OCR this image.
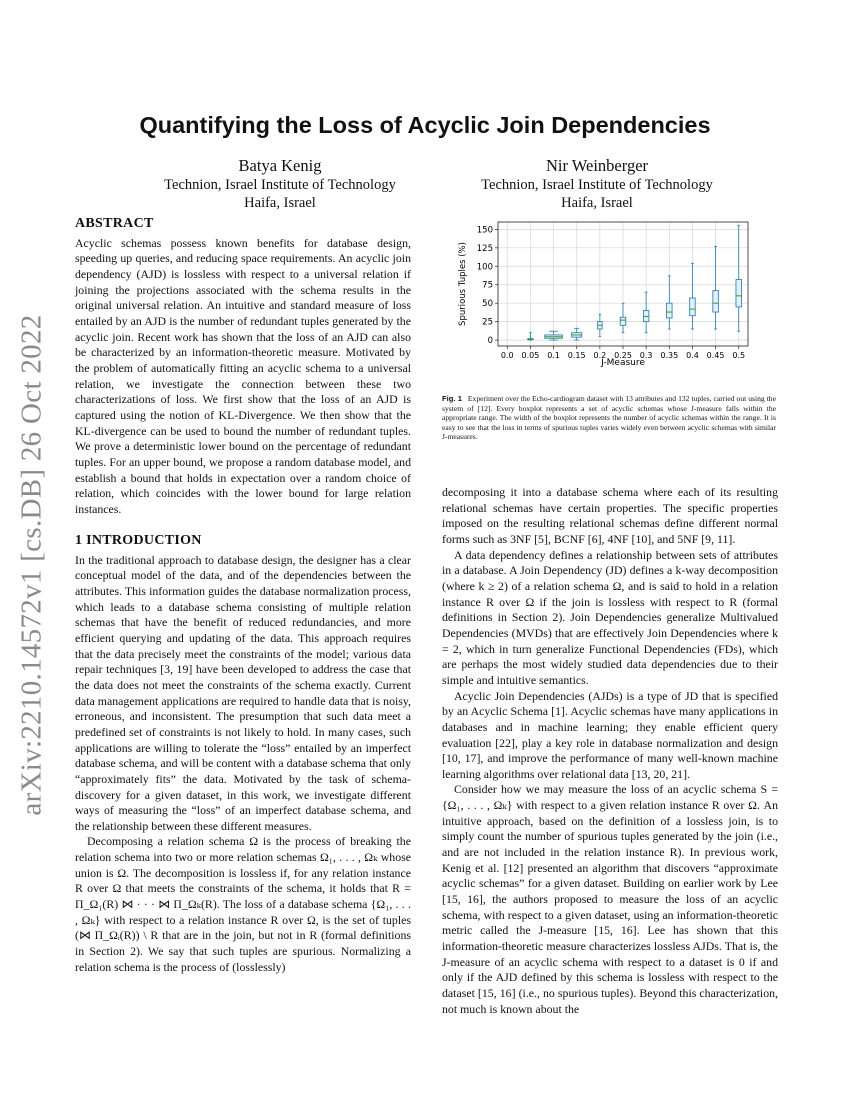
arXiv:2210.14572v1 [cs.DB] 26 Oct 2022
Quantifying the Loss of Acyclic Join Dependencies
Batya Kenig
Technion, Israel Institute of Technology
Haifa, Israel
Nir Weinberger
Technion, Israel Institute of Technology
Haifa, Israel
ABSTRACT

Acyclic schemas possess known benefits for database design, speeding up queries, and reducing space requirements. An acyclic join dependency (AJD) is lossless with respect to a universal relation if joining the projections associated with the schema results in the original universal relation. An intuitive and standard measure of loss entailed by an AJD is the number of redundant tuples generated by the acyclic join. Recent work has shown that the loss of an AJD can also be characterized by an information-theoretic measure. Motivated by the problem of automatically fitting an acyclic schema to a universal relation, we investigate the connection between these two characterizations of loss. We first show that the loss of an AJD is captured using the notion of KL-Divergence. We then show that the KL-divergence can be used to bound the number of redundant tuples. We prove a deterministic lower bound on the percentage of redundant tuples. For an upper bound, we propose a random database model, and establish a bound that holds in expectation over a random choice of relation, which coincides with the lower bound for large relation instances.

1 INTRODUCTION

In the traditional approach to database design, the designer has a clear conceptual model of the data, and of the dependencies between the attributes. This information guides the database normalization process, which leads to a database schema consisting of multiple relation schemas that have the benefit of reduced redundancies, and more efficient querying and updating of the data. This approach requires that the data precisely meet the constraints of the model; various data repair techniques [3, 19] have been developed to address the case that the data does not meet the constraints of the schema exactly. Current data management applications are required to handle data that is noisy, erroneous, and inconsistent. The presumption that such data meet a predefined set of constraints is not likely to hold. In many cases, such applications are willing to tolerate the “loss” entailed by an imperfect database schema, and will be content with a database schema that only “approximately fits” the data. Motivated by the task of schema-discovery for a given dataset, in this work, we investigate different ways of measuring the “loss” of an imperfect database schema, and the relationship between these different measures.

Decomposing a relation schema Ω is the process of breaking the relation schema into two or more relation schemas Ω₁, . . . , Ωₖ whose union is Ω. The decomposition is lossless if, for any relation instance R over Ω that meets the constraints of the schema, it holds that R = Π_Ω₁(R) ⋈ · · · ⋈ Π_Ωₖ(R). The loss of a database schema {Ω₁, . . . , Ωₖ} with respect to a relation instance R over Ω, is the set of tuples (⋈ Π_Ωᵢ(R)) \ R that are in the join, but not in R (formal definitions in Section 2). We say that such tuples are spurious. Normalizing a relation schema is the process of (losslessly)

0
25
50
75
100
125
150
0.0 0.05 0.1 0.15 0.2 0.25 0.3 0.35 0.4 0.45 0.5
J-Measure
Spurious Tuples (%)
Fig. 1 Experiment over the Echo-cardiogram dataset with 13 attributes and 132 tuples, carried out using the system of [12]. Every boxplot represents a set of acyclic schemas whose J-measure falls within the appropriate range. The width of the boxplot represents the number of acyclic schemas within the range. It is easy to see that the loss in terms of spurious tuples varies widely even between acyclic schemas with similar J-measures.

decomposing it into a database schema where each of its resulting relational schemas have certain properties. The specific properties imposed on the resulting relational schemas define different normal forms such as 3NF [5], BCNF [6], 4NF [10], and 5NF [9, 11].

A data dependency defines a relationship between sets of attributes in a database. A Join Dependency (JD) defines a k-way decomposition (where k ≥ 2) of a relation schema Ω, and is said to hold in a relation instance R over Ω if the join is lossless with respect to R (formal definitions in Section 2). Join Dependencies generalize Multivalued Dependencies (MVDs) that are effectively Join Dependencies where k = 2, which in turn generalize Functional Dependencies (FDs), which are perhaps the most widely studied data dependencies due to their simple and intuitive semantics.

Acyclic Join Dependencies (AJDs) is a type of JD that is specified by an Acyclic Schema [1]. Acyclic schemas have many applications in databases and in machine learning; they enable efficient query evaluation [22], play a key role in database normalization and design [10, 17], and improve the performance of many well-known machine learning algorithms over relational data [13, 20, 21].

Consider how we may measure the loss of an acyclic schema S = {Ω₁, . . . , Ωₖ} with respect to a given relation instance R over Ω. An intuitive approach, based on the definition of a lossless join, is to simply count the number of spurious tuples generated by the join (i.e., and are not included in the relation instance R). In previous work, Kenig et al. [12] presented an algorithm that discovers “approximate acyclic schemas” for a given dataset. Building on earlier work by Lee [15, 16], the authors proposed to measure the loss of an acyclic schema, with respect to a given dataset, using an information-theoretic metric called the J-measure [15, 16]. Lee has shown that this information-theoretic measure characterizes lossless AJDs. That is, the J-measure of an acyclic schema with respect to a dataset is 0 if and only if the AJD defined by this schema is lossless with respect to the dataset [15, 16] (i.e., no spurious tuples). Beyond this characterization, not much is known about the
